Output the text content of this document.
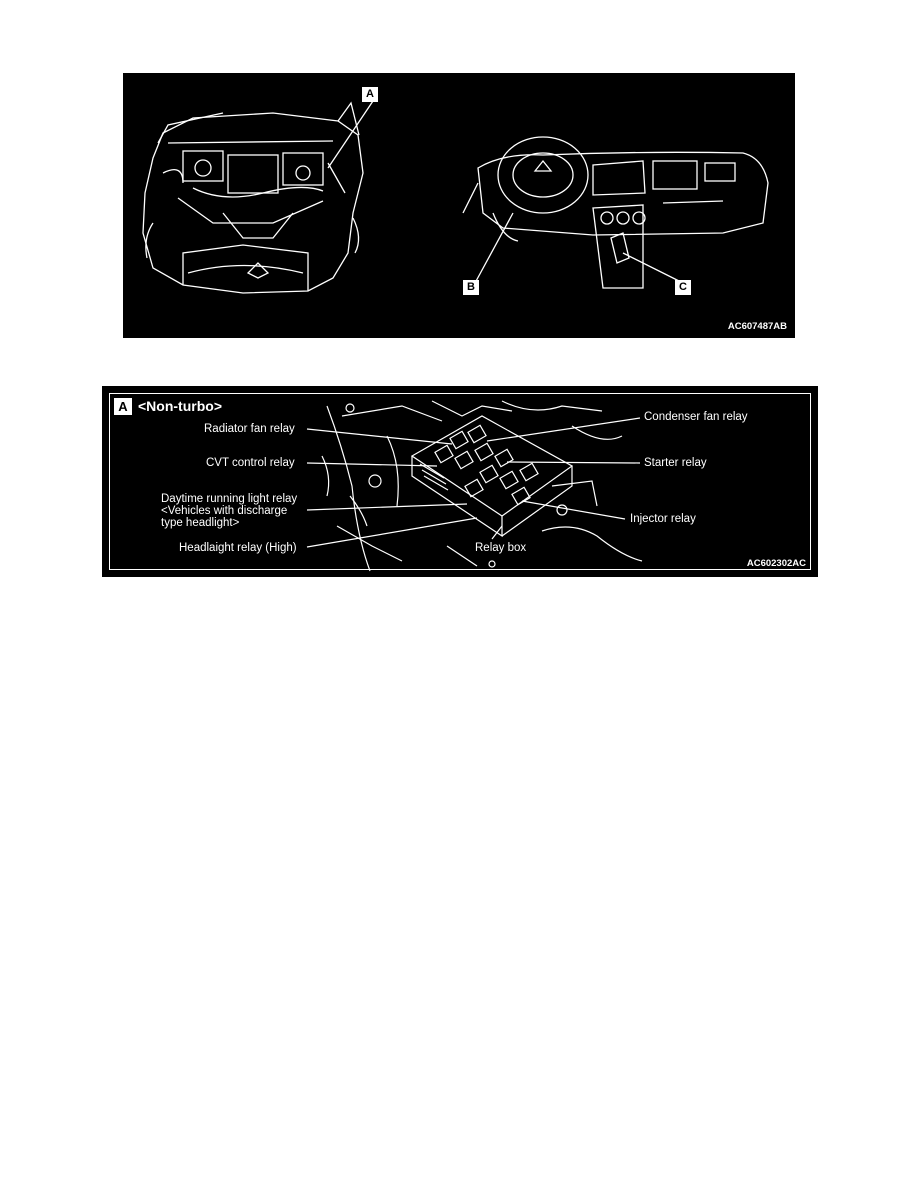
A
B	C
AC607487AB
A <Non-turbo>
Radiator fan relay
CVT control relay
Daytime running light relay
<Vehicles with discharge
type headlight>
Headlaight relay (High)	Relay box
Condenser fan relay
Starter relay
Injector relay
AC602302AC
